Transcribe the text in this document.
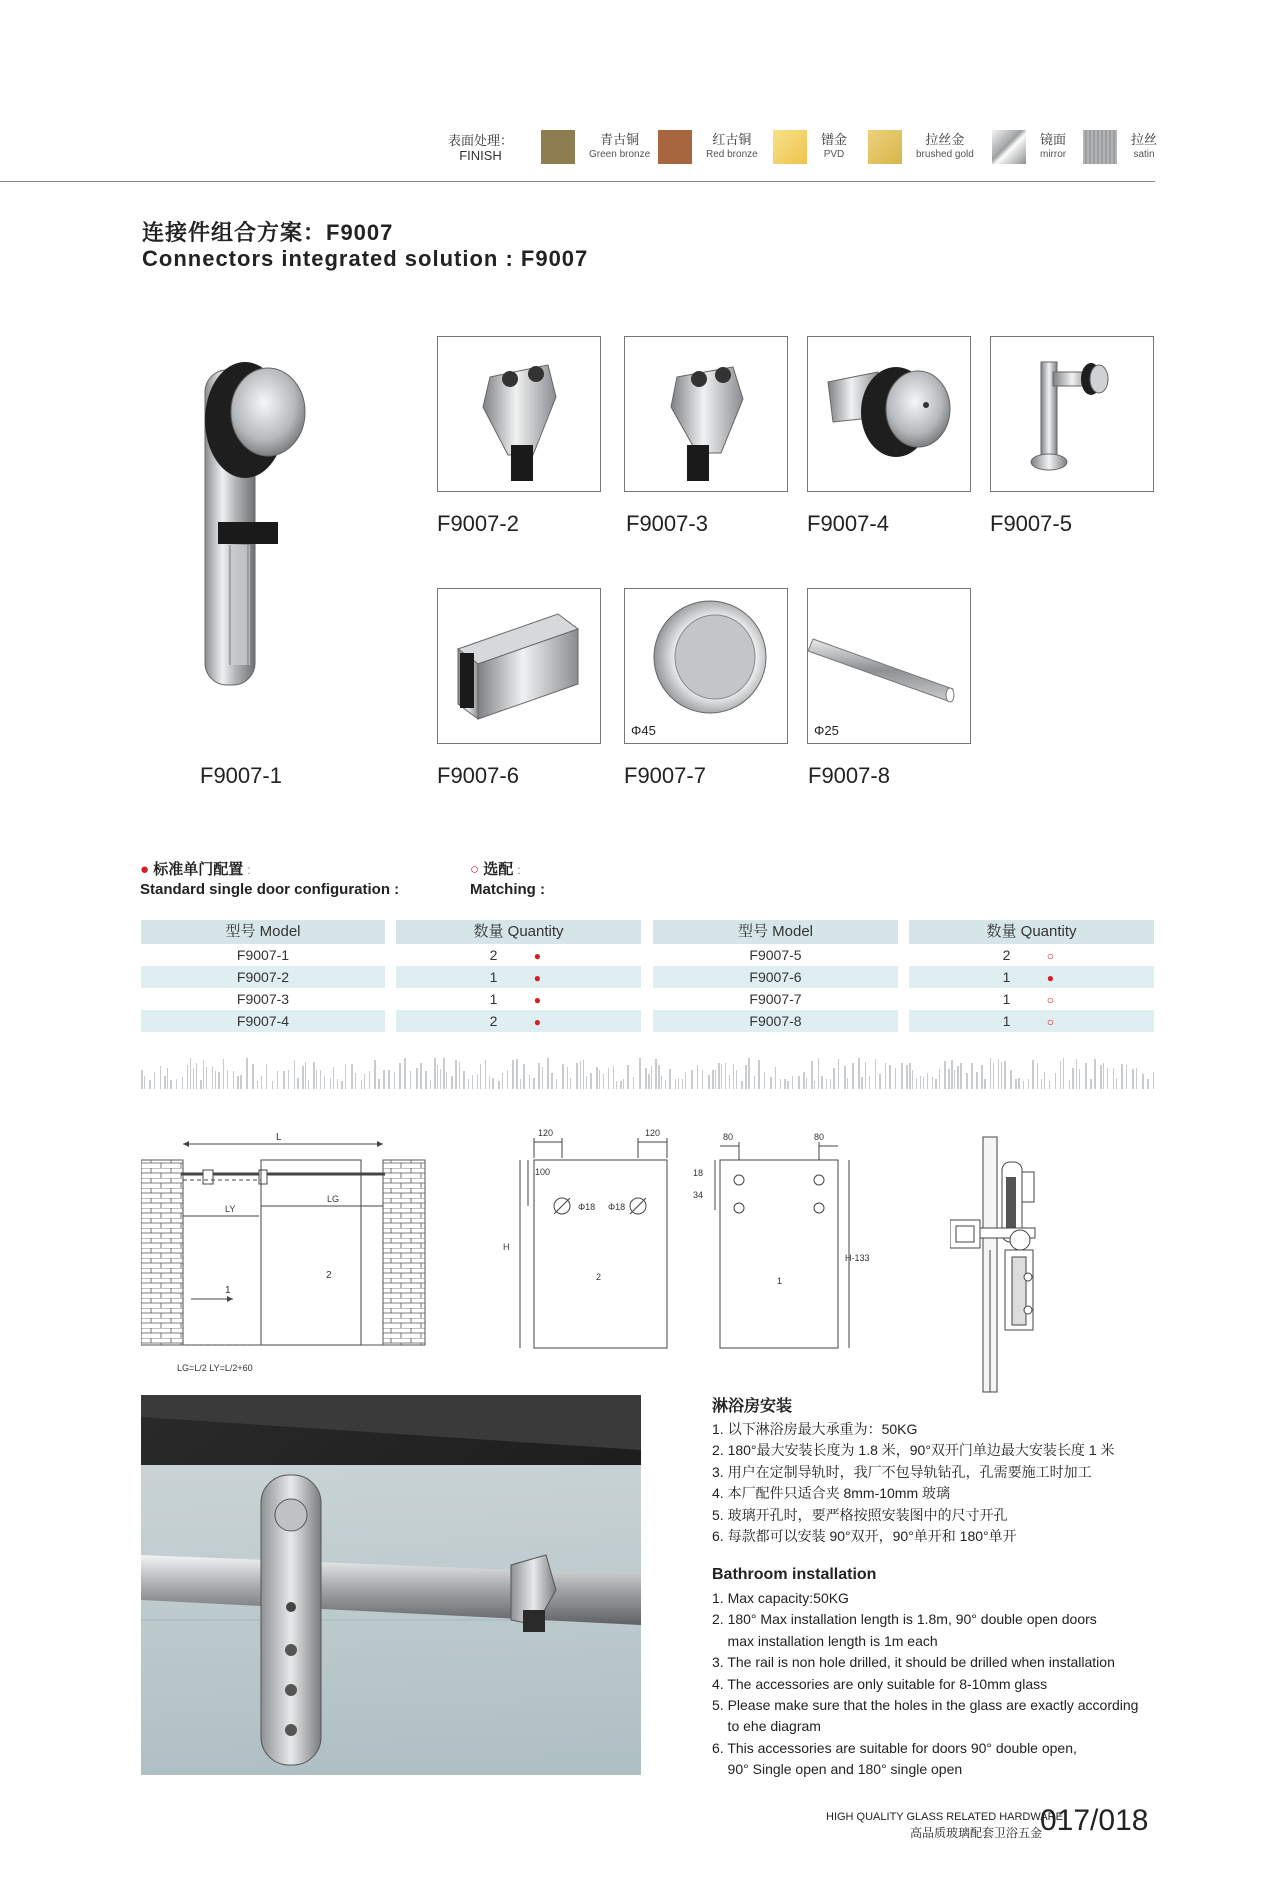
表面处理：
FINISH
青古铜
Green bronze
红古铜
Red bronze
镨金
PVD
拉丝金
brushed gold
镜面
mirror
拉丝
satin
连接件组合方案：F9007
Connectors integrated solution : F9007
F9007-1
F9007-2	F9007-3	F9007-4	F9007-5
F9007-6
Φ45
F9007-7
Φ25
F9007-8
● 标准单门配置 :
Standard single door configuration :
○ 选配 :
Matching :
型号 Model	数量 Quantity	型号 Model	数量 Quantity
F9007-1	2	●	F9007-5	2	○
F9007-2	1	●	F9007-6	1	●
F9007-3	1	●	F9007-7	1	○
F9007-4	2	●	F9007-8	1	○
L
LY
LG
1
2
LG=L/2 LY=L/2+60
120	120
100
H
Φ18 Φ18
2
80	80
18
34
H-133
1
淋浴房安装
1. 以下淋浴房最大承重为：50KG
2. 180°最大安装长度为 1.8 米，90°双开门单边最大安装长度 1 米
3. 用户在定制导轨时，我厂不包导轨钻孔，孔需要施工时加工
4. 本厂配件只适合夹 8mm-10mm 玻璃
5. 玻璃开孔时，要严格按照安装图中的尺寸开孔
6. 每款都可以安装 90°双开，90°单开和 180°单开
Bathroom installation
1. Max capacity:50KG
2. 180° Max installation length is 1.8m, 90° double open doors
max installation length is 1m each
3. The rail is non hole drilled, it should be drilled when installation
4. The accessories are only suitable for 8-10mm glass
5. Please make sure that the holes in the glass are exactly according
to ehe diagram
6. This accessories are suitable for doors 90° double open,
90° Single open and 180° single open
HIGH QUALITY GLASS RELATED HARDWARE
高品质玻璃配套卫浴五金
017/018
